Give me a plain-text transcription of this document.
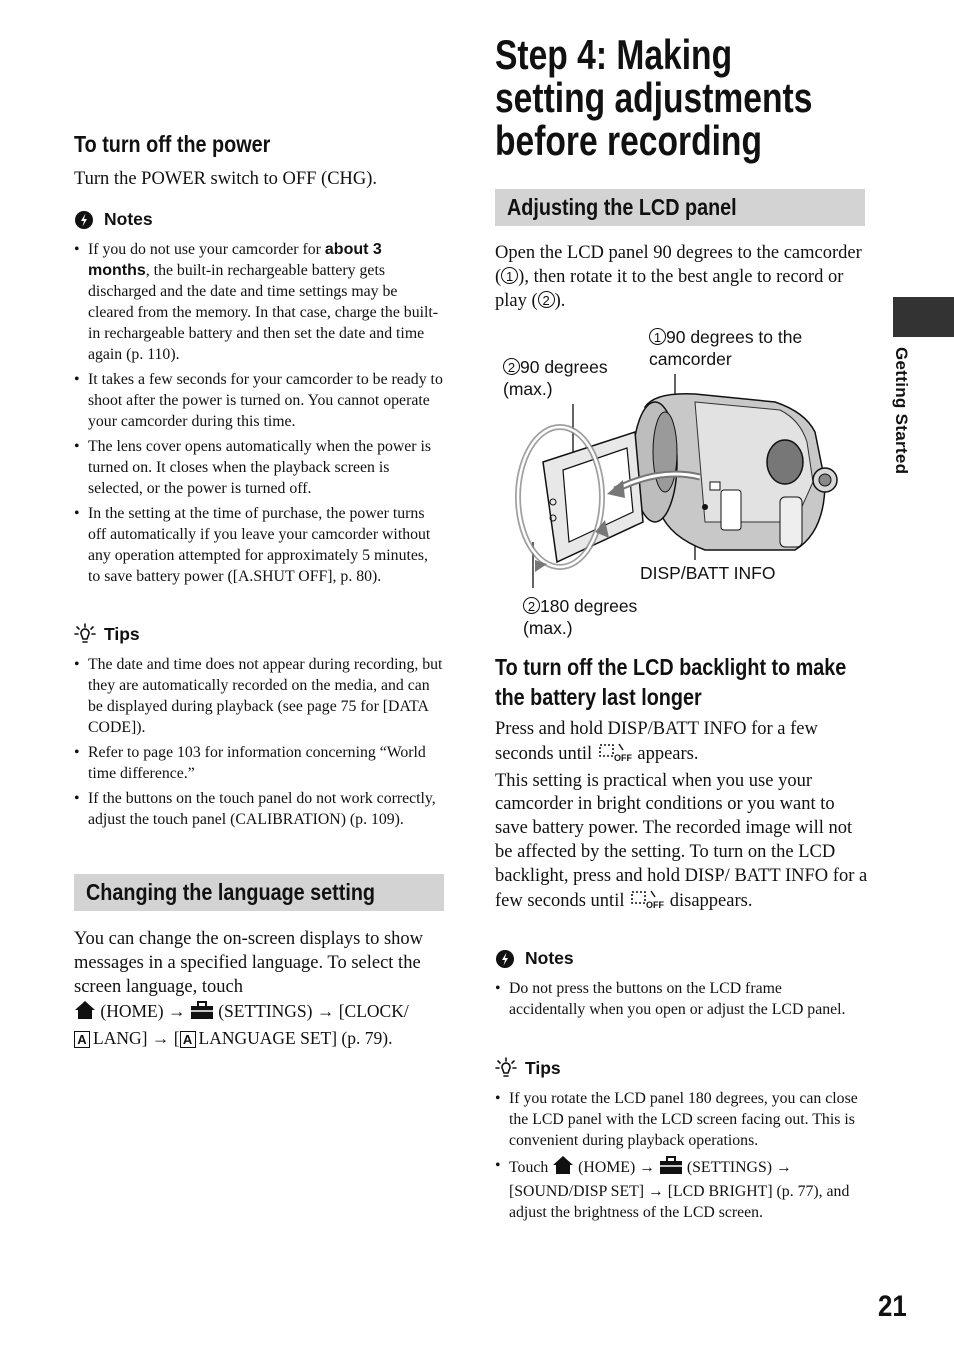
To turn off the power
Turn the POWER switch to OFF (CHG).
Notes
• If you do not use your camcorder for about 3 months, the built-in rechargeable battery gets discharged and the date and time settings may be cleared from the memory. In that case, charge the built-in rechargeable battery and then set the date and time again (p. 110).
• It takes a few seconds for your camcorder to be ready to shoot after the power is turned on. You cannot operate your camcorder during this time.
• The lens cover opens automatically when the power is turned on. It closes when the playback screen is selected, or the power is turned off.
• In the setting at the time of purchase, the power turns off automatically if you leave your camcorder without any operation attempted for approximately 5 minutes, to save battery power ([A.SHUT OFF], p. 80).
Tips
• The date and time does not appear during recording, but they are automatically recorded on the media, and can be displayed during playback (see page 75 for [DATA CODE]).
• Refer to page 103 for information concerning “World time difference.”
• If the buttons on the touch panel do not work correctly, adjust the touch panel (CALIBRATION) (p. 109).
Changing the language setting
You can change the on-screen displays to show messages in a specified language. To select the screen language, touch
(HOME) → (SETTINGS) → [CLOCK/
A LANG] → [ A LANGUAGE SET] (p. 79).
Step 4: Making
setting adjustments
before recording
Adjusting the LCD panel
Open the LCD panel 90 degrees to the camcorder ( 1 ), then rotate it to the best angle to record or play ( 2 ).
1 90 degrees to the camcorder
2 90 degrees (max.)
DISP/BATT INFO
2 180 degrees (max.)
To turn off the LCD backlight to make the battery last longer
Press and hold DISP/BATT INFO for a few seconds until OFF appears.
This setting is practical when you use your camcorder in bright conditions or you want to save battery power. The recorded image will not be affected by the setting. To turn on the LCD backlight, press and hold DISP/ BATT INFO for a few seconds until OFF disappears.
Notes
• Do not press the buttons on the LCD frame accidentally when you open or adjust the LCD panel.
Tips
• If you rotate the LCD panel 180 degrees, you can close the LCD panel with the LCD screen facing out. This is convenient during playback operations.
• Touch (HOME) → (SETTINGS) → [SOUND/DISP SET] → [LCD BRIGHT] (p. 77), and adjust the brightness of the LCD screen.
Getting Started
21
